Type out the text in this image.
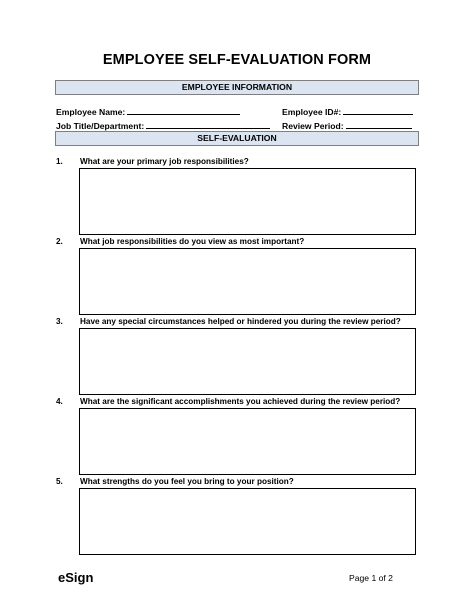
EMPLOYEE SELF-EVALUATION FORM
EMPLOYEE INFORMATION
Employee Name:	Employee ID#:
Job Title/Department:	Review Period:
SELF-EVALUATION
1. What are your primary job responsibilities?
2. What job responsibilities do you view as most important?
3. Have any special circumstances helped or hindered you during the review period?
4. What are the significant accomplishments you achieved during the review period?
5. What strengths do you feel you bring to your position?
eSign	Page 1 of 2
